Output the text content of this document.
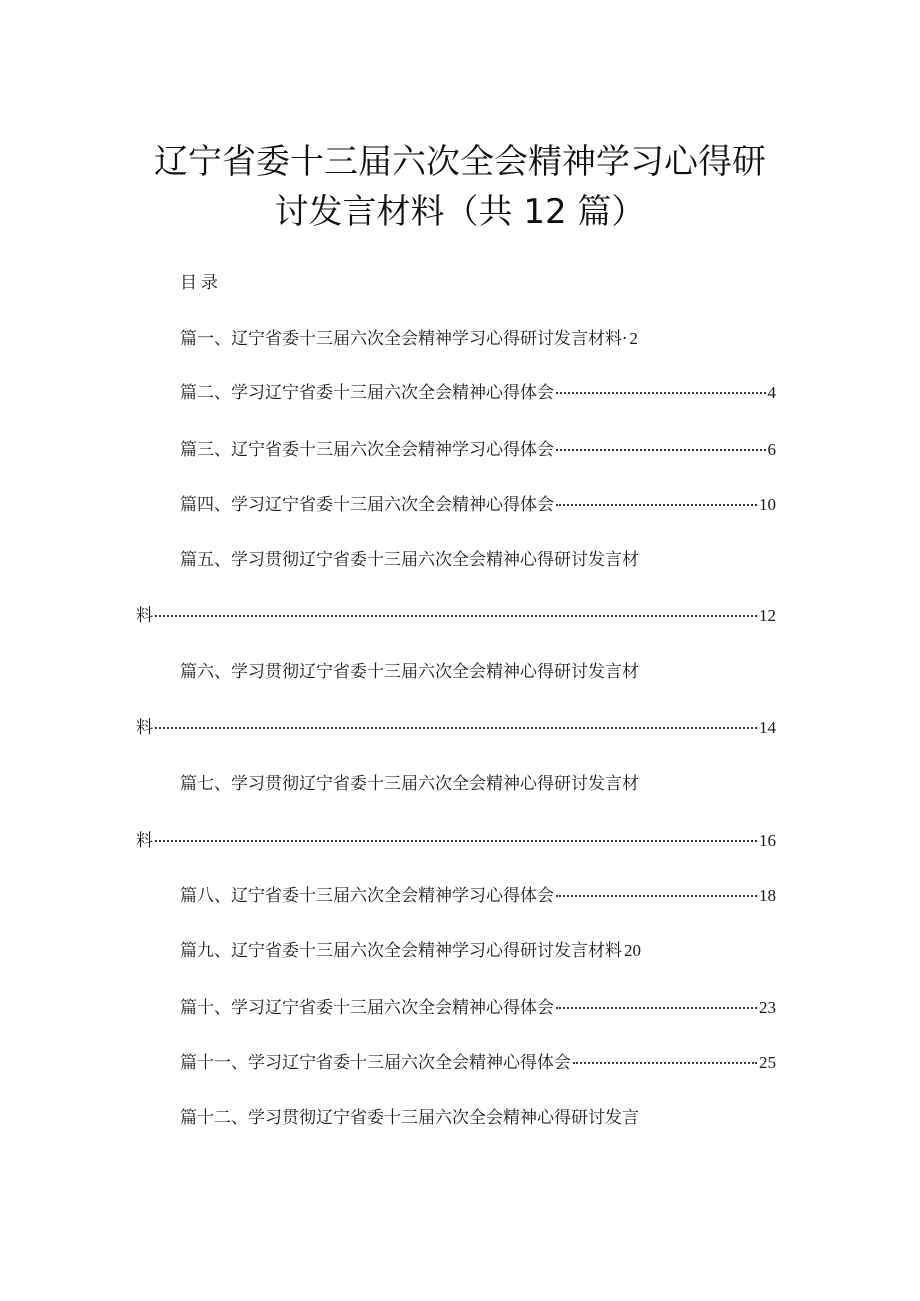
辽宁省委十三届六次全会精神学习心得研
讨发言材料（共 12 篇）
目录
篇一、辽宁省委十三届六次全会精神学习心得研讨发言材料· 2
篇二、学习辽宁省委十三届六次全会精神心得体会	4
篇三、辽宁省委十三届六次全会精神学习心得体会	6
篇四、学习辽宁省委十三届六次全会精神心得体会	10
篇五、学习贯彻辽宁省委十三届六次全会精神心得研讨发言材
料	12
篇六、学习贯彻辽宁省委十三届六次全会精神心得研讨发言材
料	14
篇七、学习贯彻辽宁省委十三届六次全会精神心得研讨发言材
料	16
篇八、辽宁省委十三届六次全会精神学习心得体会	18
篇九、辽宁省委十三届六次全会精神学习心得研讨发言材料 20
篇十、学习辽宁省委十三届六次全会精神心得体会	23
篇十一、学习辽宁省委十三届六次全会精神心得体会	25
篇十二、学习贯彻辽宁省委十三届六次全会精神心得研讨发言
